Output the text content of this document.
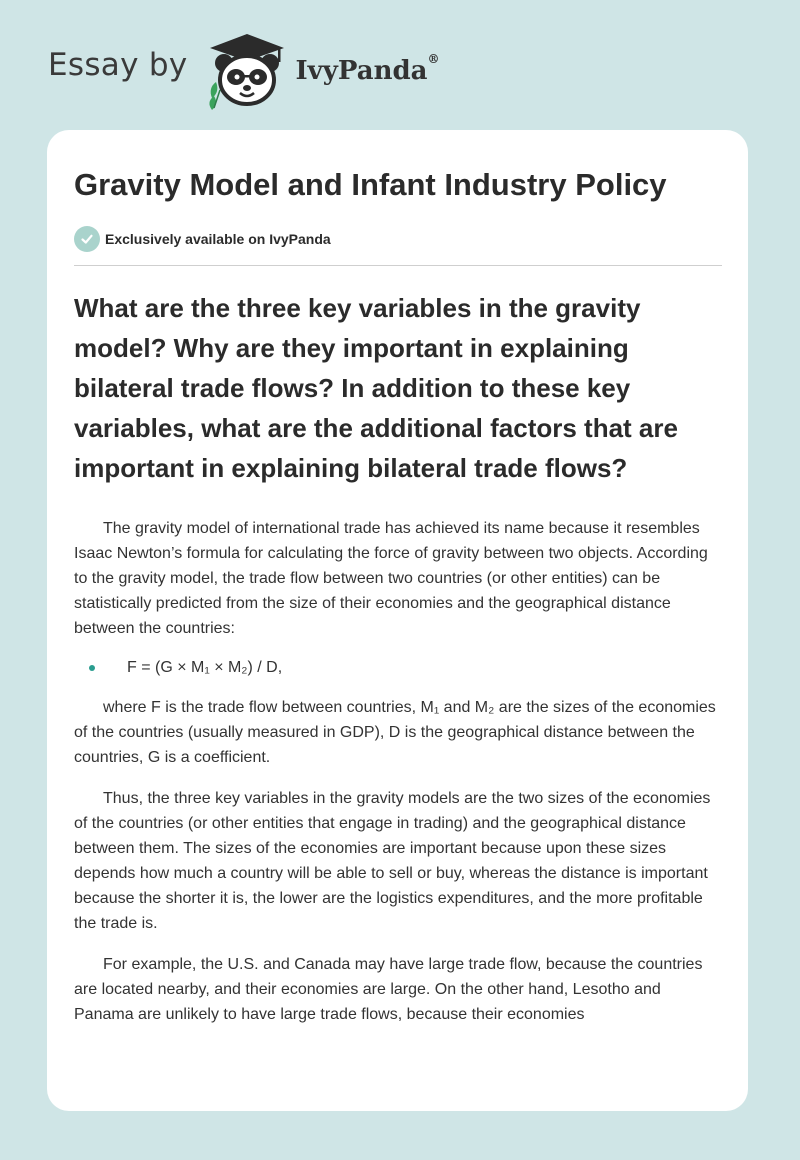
Essay by	IvyPanda®
Gravity Model and Infant Industry Policy
Exclusively available on IvyPanda
What are the three key variables in the gravity model? Why are they important in explaining bilateral trade flows? In addition to these key variables, what are the additional factors that are important in explaining bilateral trade flows?

The gravity model of international trade has achieved its name because it resembles Isaac Newton’s formula for calculating the force of gravity between two objects. According to the gravity model, the trade flow between two countries (or other entities) can be statistically predicted from the size of their economies and the geographical distance between the countries:

F = (G × M₁ × M₂) / D,

where F is the trade flow between countries, M₁ and M₂ are the sizes of the economies of the countries (usually measured in GDP), D is the geographical distance between the countries, G is a coefficient.

Thus, the three key variables in the gravity models are the two sizes of the economies of the countries (or other entities that engage in trading) and the geographical distance between them. The sizes of the economies are important because upon these sizes depends how much a country will be able to sell or buy, whereas the distance is important because the shorter it is, the lower are the logistics expenditures, and the more profitable the trade is.

For example, the U.S. and Canada may have large trade flow, because the countries are located nearby, and their economies are large. On the other hand, Lesotho and Panama are unlikely to have large trade flows, because their economies
